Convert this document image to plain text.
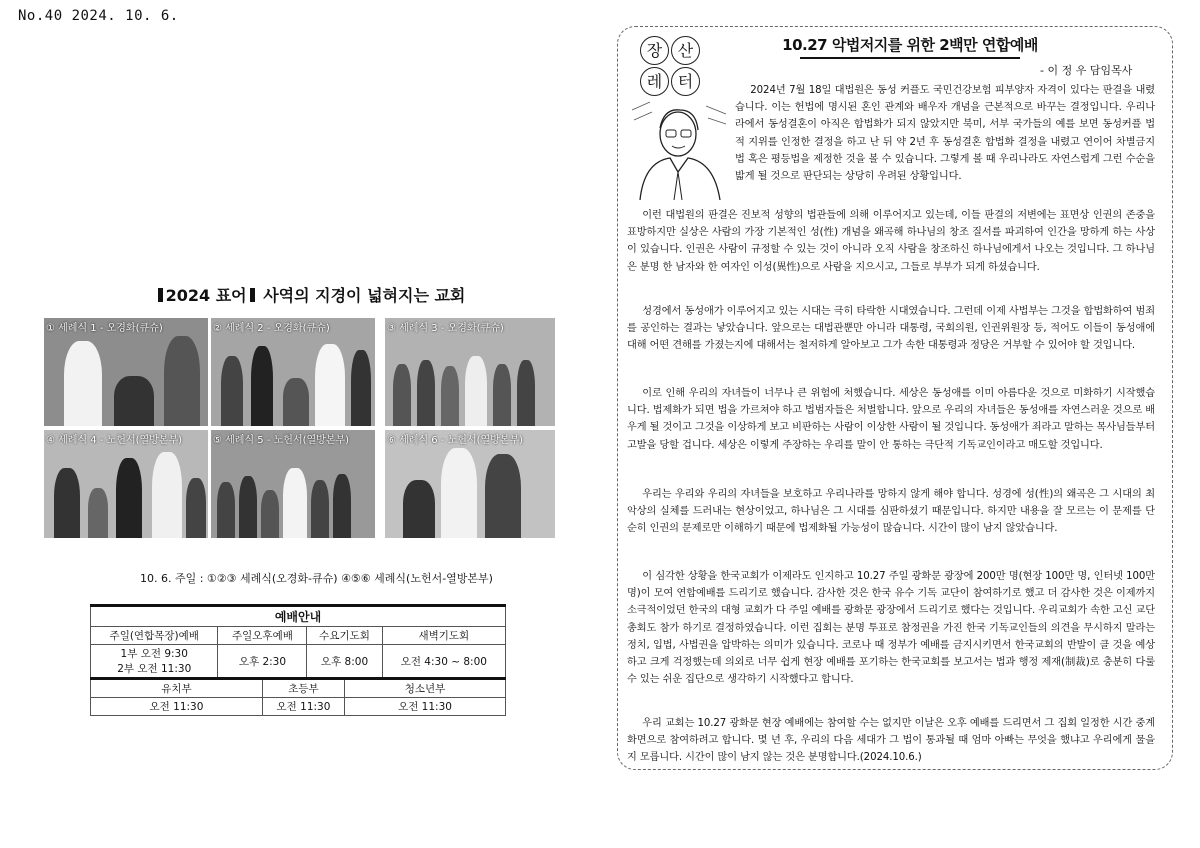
No.40 2024. 10. 6.
2024 표어 사역의 지경이 넓혀지는 교회
① 세례식 1 - 오경화(큐슈)	② 세례식 2 - 오경화(큐슈)	③ 세례식 3 - 오경화(큐슈)
④ 세례식 4 - 노헌서(열방본부)	⑤ 세례식 5 - 노헌서(열방본부)	⑥ 세례식 6 - 노헌서(열방본부)
10. 6. 주일 : ①②③ 세례식(오경화-큐슈) ④⑤⑥ 세례식(노헌서-열방본부)
예배안내					
주일(연합목장)예배	주일오후예배		수요기도회		새벽기도회

1부 오전 9:30
2부 오전 11:30	오후 2:30		오후 8:00		오전 4:30 ~ 8:00
유치부		초등부		청소년부	
오전 11:30		오전 11:30		오전 11:30	
장 산
레 터
10.27 악법저지를 위한 2백만 연합예배
- 이 정 우 담임목사
2024년 7월 18일 대법원은 동성 커플도 국민건강보험 피부양자 자격이 있다는 판결을 내렸습니다. 이는 헌법에 명시된 혼인 관계와 배우자 개념을 근본적으로 바꾸는 결정입니다. 우리나라에서 동성결혼이 아직은 합법화가 되지 않았지만 북미, 서부 국가들의 예를 보면 동성커플 법적 지위를 인정한 결정을 하고 난 뒤 약 2년 후 동성결혼 합법화 결정을 내렸고 연이어 차별금지법 혹은 평등법을 제정한 것을 볼 수 있습니다. 그렇게 볼 때 우리나라도 자연스럽게 그런 수순을 밟게 될 것으로 판단되는 상당히 우려된 상황입니다.
이런 대법원의 판결은 진보적 성향의 법관들에 의해 이루어지고 있는데, 이들 판결의 저변에는 표면상 인권의 존중을 표방하지만 실상은 사람의 가장 기본적인 성(性) 개념을 왜곡해 하나님의 창조 질서를 파괴하여 인간을 망하게 하는 사상이 있습니다. 인권은 사람이 규정할 수 있는 것이 아니라 오직 사람을 창조하신 하나님에게서 나오는 것입니다. 그 하나님은 분명 한 남자와 한 여자인 이성(異性)으로 사람을 지으시고, 그들로 부부가 되게 하셨습니다.
성경에서 동성애가 이루어지고 있는 시대는 극히 타락한 시대였습니다. 그런데 이제 사법부는 그것을 합법화하여 범죄를 공인하는 결과는 낳았습니다. 앞으로는 대법관뿐만 아니라 대통령, 국회의원, 인권위원장 등, 적어도 이들이 동성애에 대해 어떤 견해를 가졌는지에 대해서는 철저하게 알아보고 그가 속한 대통령과 정당은 거부할 수 있어야 할 것입니다.
이로 인해 우리의 자녀들이 너무나 큰 위험에 처했습니다. 세상은 동성애를 이미 아름다운 것으로 미화하기 시작했습니다. 법제화가 되면 법을 가르쳐야 하고 법범자들은 처벌합니다. 앞으로 우리의 자녀들은 동성애를 자연스러운 것으로 배우게 될 것이고 그것을 이상하게 보고 비판하는 사람이 이상한 사람이 될 것입니다. 동성애가 죄라고 말하는 목사님들부터 고발을 당할 겁니다. 세상은 이렇게 주장하는 우리를 말이 안 통하는 극단적 기독교인이라고 매도할 것입니다.
우리는 우리와 우리의 자녀들을 보호하고 우리나라를 망하지 않게 해야 합니다. 성경에 성(性)의 왜곡은 그 시대의 최악상의 실체를 드러내는 현상이었고, 하나님은 그 시대를 심판하셨기 때문입니다. 하지만 내용을 잘 모르는 이 문제를 단순히 인권의 문제로만 이해하기 때문에 법제화될 가능성이 많습니다. 시간이 많이 남지 않았습니다.
이 심각한 상황을 한국교회가 이제라도 인지하고 10.27 주일 광화문 광장에 200만 명(현장 100만 명, 인터넷 100만 명)이 모여 연합예배를 드리기로 했습니다. 감사한 것은 한국 유수 기독 교단이 참여하기로 했고 더 감사한 것은 이제까지 소극적이었던 한국의 대형 교회가 다 주일 예배를 광화문 광장에서 드리기로 했다는 것입니다. 우리교회가 속한 고신 교단 총회도 참가 하기로 결정하였습니다. 이런 집회는 분명 투표로 참정권을 가진 한국 기독교인들의 의견을 무시하지 말라는 정치, 입법, 사법권을 압박하는 의미가 있습니다. 코로나 때 정부가 예배를 금지시키면서 한국교회의 반발이 클 것을 예상하고 크게 걱정했는데 의외로 너무 쉽게 현장 예배를 포기하는 한국교회를 보고서는 법과 행정 제재(制裁)로 충분히 다룰 수 있는 쉬운 집단으로 생각하기 시작했다고 합니다.
우리 교회는 10.27 광화문 현장 예배에는 참여할 수는 없지만 이날은 오후 예배를 드리면서 그 집회 일정한 시간 중계 화면으로 참여하려고 합니다. 몇 년 후, 우리의 다음 세대가 그 법이 통과될 때 엄마 아빠는 무엇을 했냐고 우리에게 물을지 모릅니다. 시간이 많이 남지 않는 것은 분명합니다.(2024.10.6.)
